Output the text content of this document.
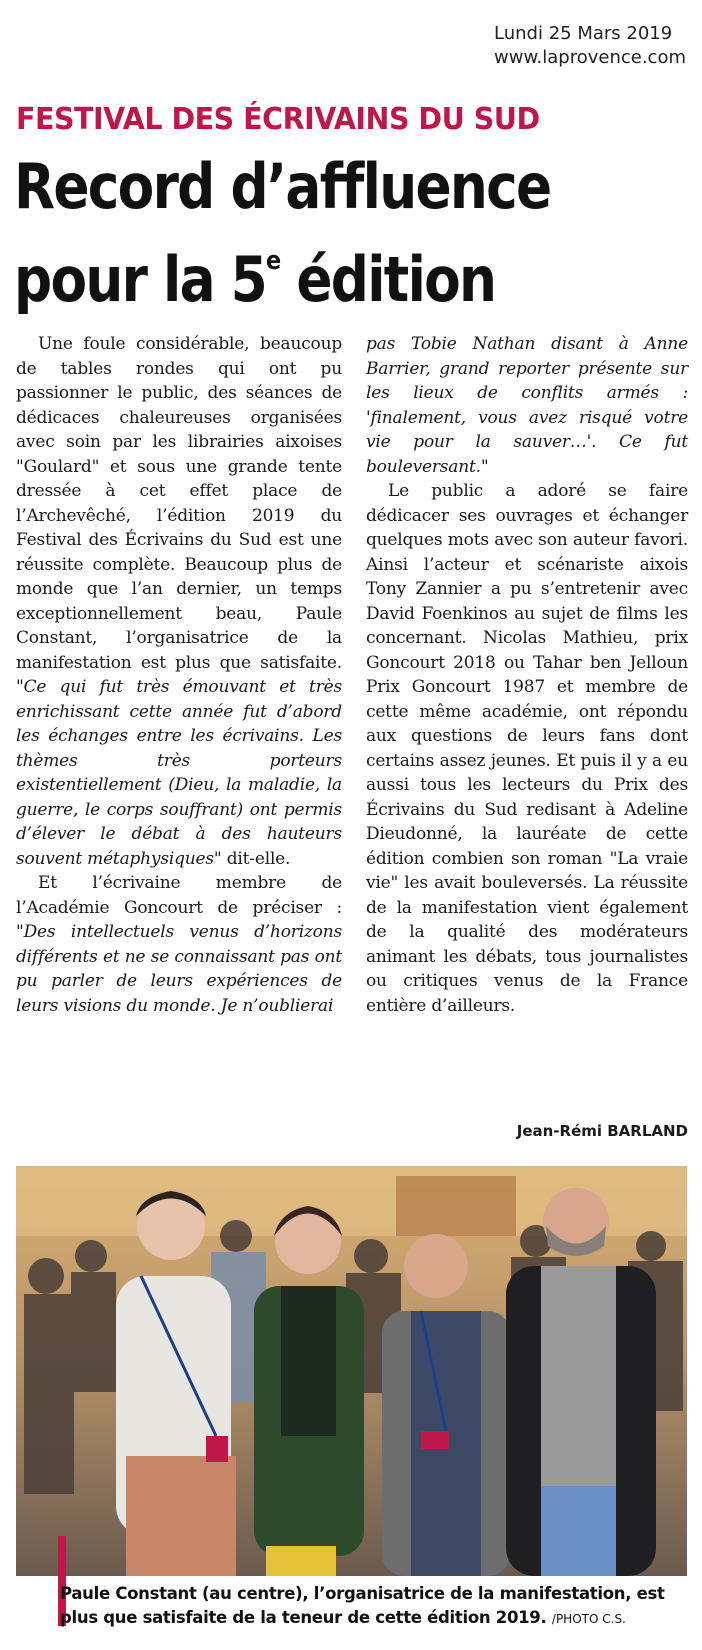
Lundi 25 Mars 2019
www.laprovence.com
FESTIVAL DES ÉCRIVAINS DU SUD
Record d’affluence
pour la 5e édition

Une foule considérable, beaucoup de tables rondes qui ont pu passionner le public, des séances de dédicaces chaleureuses organisées avec soin par les librairies aixoises "Goulard" et sous une grande tente dressée à cet effet place de l’Archevêché, l’édition 2019 du Festival des Écrivains du Sud est une réussite complète. Beaucoup plus de monde que l’an dernier, un temps exceptionnellement beau, Paule Constant, l’organisatrice de la manifestation est plus que satisfaite. "Ce qui fut très émouvant et très enrichissant cette année fut d’abord les échanges entre les écrivains. Les thèmes très porteurs existentiellement (Dieu, la maladie, la guerre, le corps souffrant) ont permis d’élever le débat à des hauteurs souvent métaphysiques" dit-elle.

Et l’écrivaine membre de l’Académie Goncourt de préciser : "Des intellectuels venus d’horizons différents et ne se connaissant pas ont pu parler de leurs expériences de leurs visions du monde. Je n’oublierai

pas Tobie Nathan disant à Anne Barrier, grand reporter présente sur les lieux de conflits armés : 'finalement, vous avez risqué votre vie pour la sauver…'. Ce fut bouleversant."

Le public a adoré se faire dédicacer ses ouvrages et échanger quelques mots avec son auteur favori. Ainsi l’acteur et scénariste aixois Tony Zannier a pu s’entretenir avec David Foenkinos au sujet de films les concernant. Nicolas Mathieu, prix Goncourt 2018 ou Tahar ben Jelloun Prix Goncourt 1987 et membre de cette même académie, ont répondu aux questions de leurs fans dont certains assez jeunes. Et puis il y a eu aussi tous les lecteurs du Prix des Écrivains du Sud redisant à Adeline Dieudonné, la lauréate de cette édition combien son roman "La vraie vie" les avait bouleversés. La réussite de la manifestation vient également de la qualité des modérateurs animant les débats, tous journalistes ou critiques venus de la France entière d’ailleurs.

Jean-Rémi BARLAND
Paule Constant (au centre), l’organisatrice de la manifestation, est plus que satisfaite de la teneur de cette édition 2019. /PHOTO C.S.
